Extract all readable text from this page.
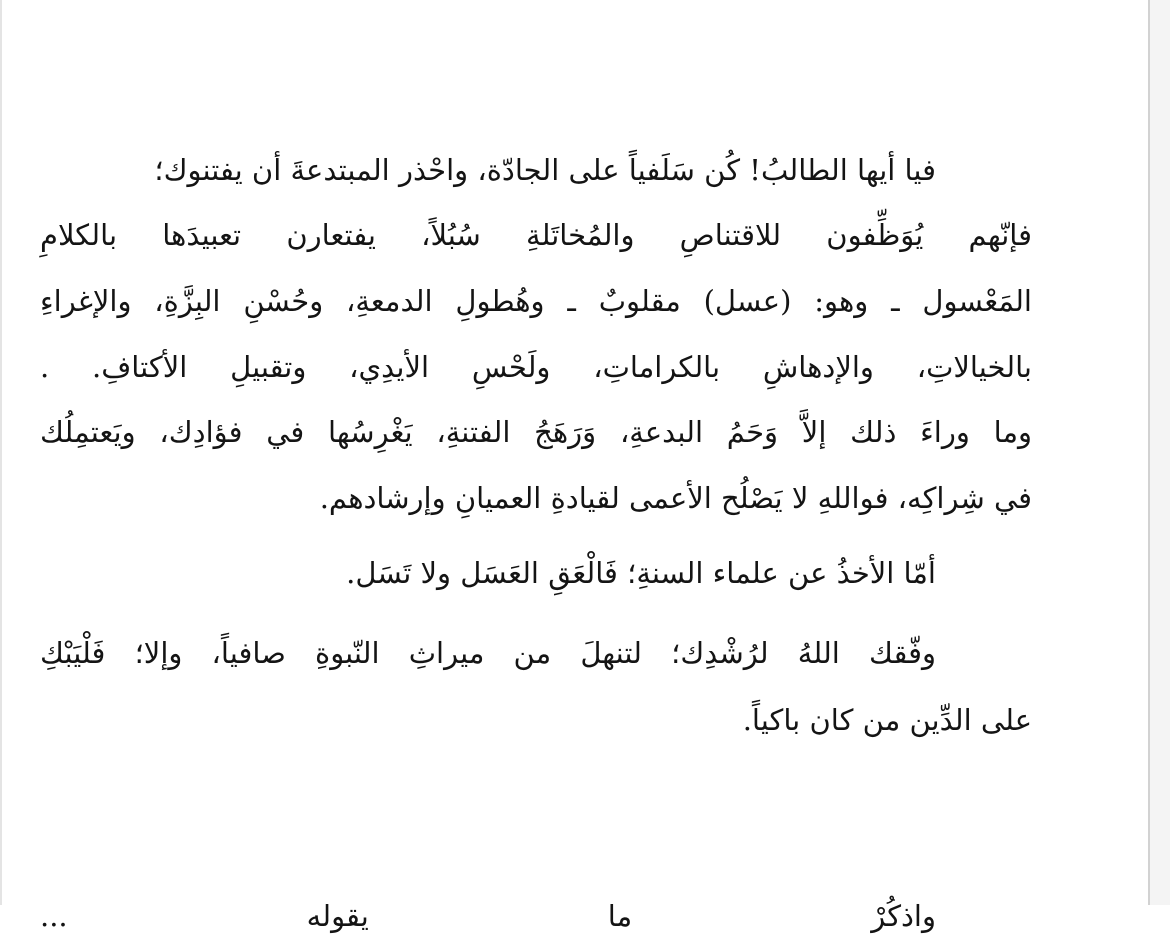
فيا أيها الطالبُ! كُن سَلَفياً على الجادّة، واحْذر المبتدعةَ أن يفتنوك؛
فإنّهم يُوَظِّفون للاقتناصِ والمُخاتَلةِ سُبُلاً، يفتعارن تعبيدَها بالكلامِ
المَعْسول ـ وهو: (عسل) مقلوبٌ ـ وهُطولِ الدمعةِ، وحُسْنِ البِزَّةِ، والإغراءِ
بالخيالاتِ، والإدهاشِ بالكراماتِ، ولَحْسِ الأيدِي، وتقبيلِ الأكتافِ. .
وما وراءَ ذلك إلاَّ وَحَمُ البدعةِ، وَرَهَجُ الفتنةِ، يَغْرِسُها في فؤادِك، ويَعتمِلُك
في شِراكِه، فواللهِ لا يَصْلُح الأعمى لقيادةِ العميانِ وإرشادهم.
أمّا الأخذُ عن علماء السنةِ؛ فَالْعَقِ العَسَل ولا تَسَل.
وفّقك اللهُ لرُشْدِك؛ لتنهلَ من ميراثِ النّبوةِ صافياً، وإلا؛ فَلْيَبْكِ
على الدِّين من كان باكياً.
واذكُرْ ما يقوله ...
